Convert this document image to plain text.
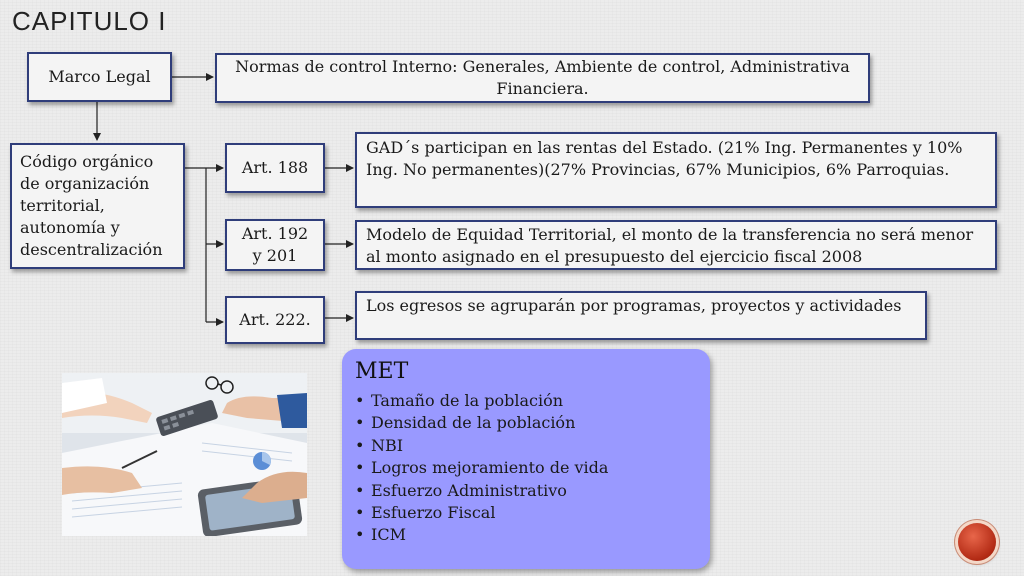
CAPITULO I
Marco Legal
Normas de control Interno: Generales, Ambiente de control, Administrativa Financiera.
Código orgánico de organización territorial, autonomía y descentralización
Art. 188
Art. 192
y 201
Art. 222.
GAD´s participan en las rentas del Estado. (21% Ing. Permanentes y 10% Ing. No permanentes)(27% Provincias, 67% Municipios, 6% Parroquias.
Modelo de Equidad Territorial, el monto de la transferencia no será menor al monto asignado en el presupuesto del ejercicio fiscal 2008
Los egresos se agruparán por programas, proyectos y actividades
MET
• Tamaño de la población
• Densidad de la población
• NBI
• Logros mejoramiento de vida
• Esfuerzo Administrativo
• Esfuerzo Fiscal
• ICM
